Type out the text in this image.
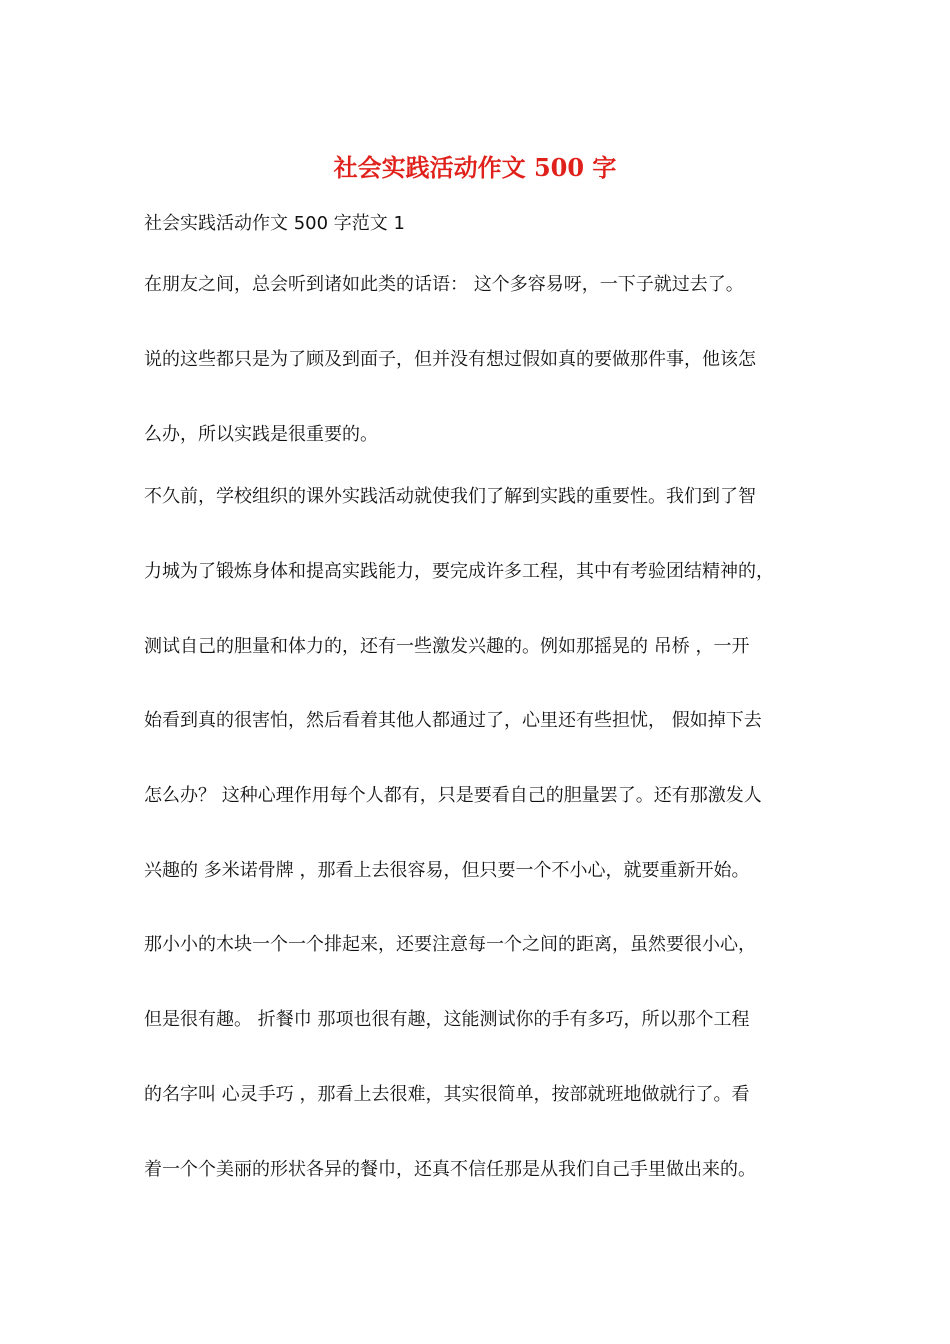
社会实践活动作文 500 字

社会实践活动作文 500 字范文 1

在朋友之间，总会听到诸如此类的话语： 这个多容易呀，一下子就过去了。

说的这些都只是为了顾及到面子，但并没有想过假如真的要做那件事，他该怎

么办，所以实践是很重要的。

不久前，学校组织的课外实践活动就使我们了解到实践的重要性。我们到了智

力城为了锻炼身体和提高实践能力，要完成许多工程，其中有考验团结精神的，

测试自己的胆量和体力的，还有一些激发兴趣的。例如那摇晃的 吊桥 ，一开

始看到真的很害怕，然后看着其他人都通过了，心里还有些担忧， 假如掉下去

怎么办？ 这种心理作用每个人都有，只是要看自己的胆量罢了。还有那激发人

兴趣的 多米诺骨牌 ，那看上去很容易，但只要一个不小心，就要重新开始。

那小小的木块一个一个排起来，还要注意每一个之间的距离，虽然要很小心，

但是很有趣。 折餐巾 那项也很有趣，这能测试你的手有多巧，所以那个工程

的名字叫 心灵手巧 ，那看上去很难，其实很简单，按部就班地做就行了。看

着一个个美丽的形状各异的餐巾，还真不信任那是从我们自己手里做出来的。
